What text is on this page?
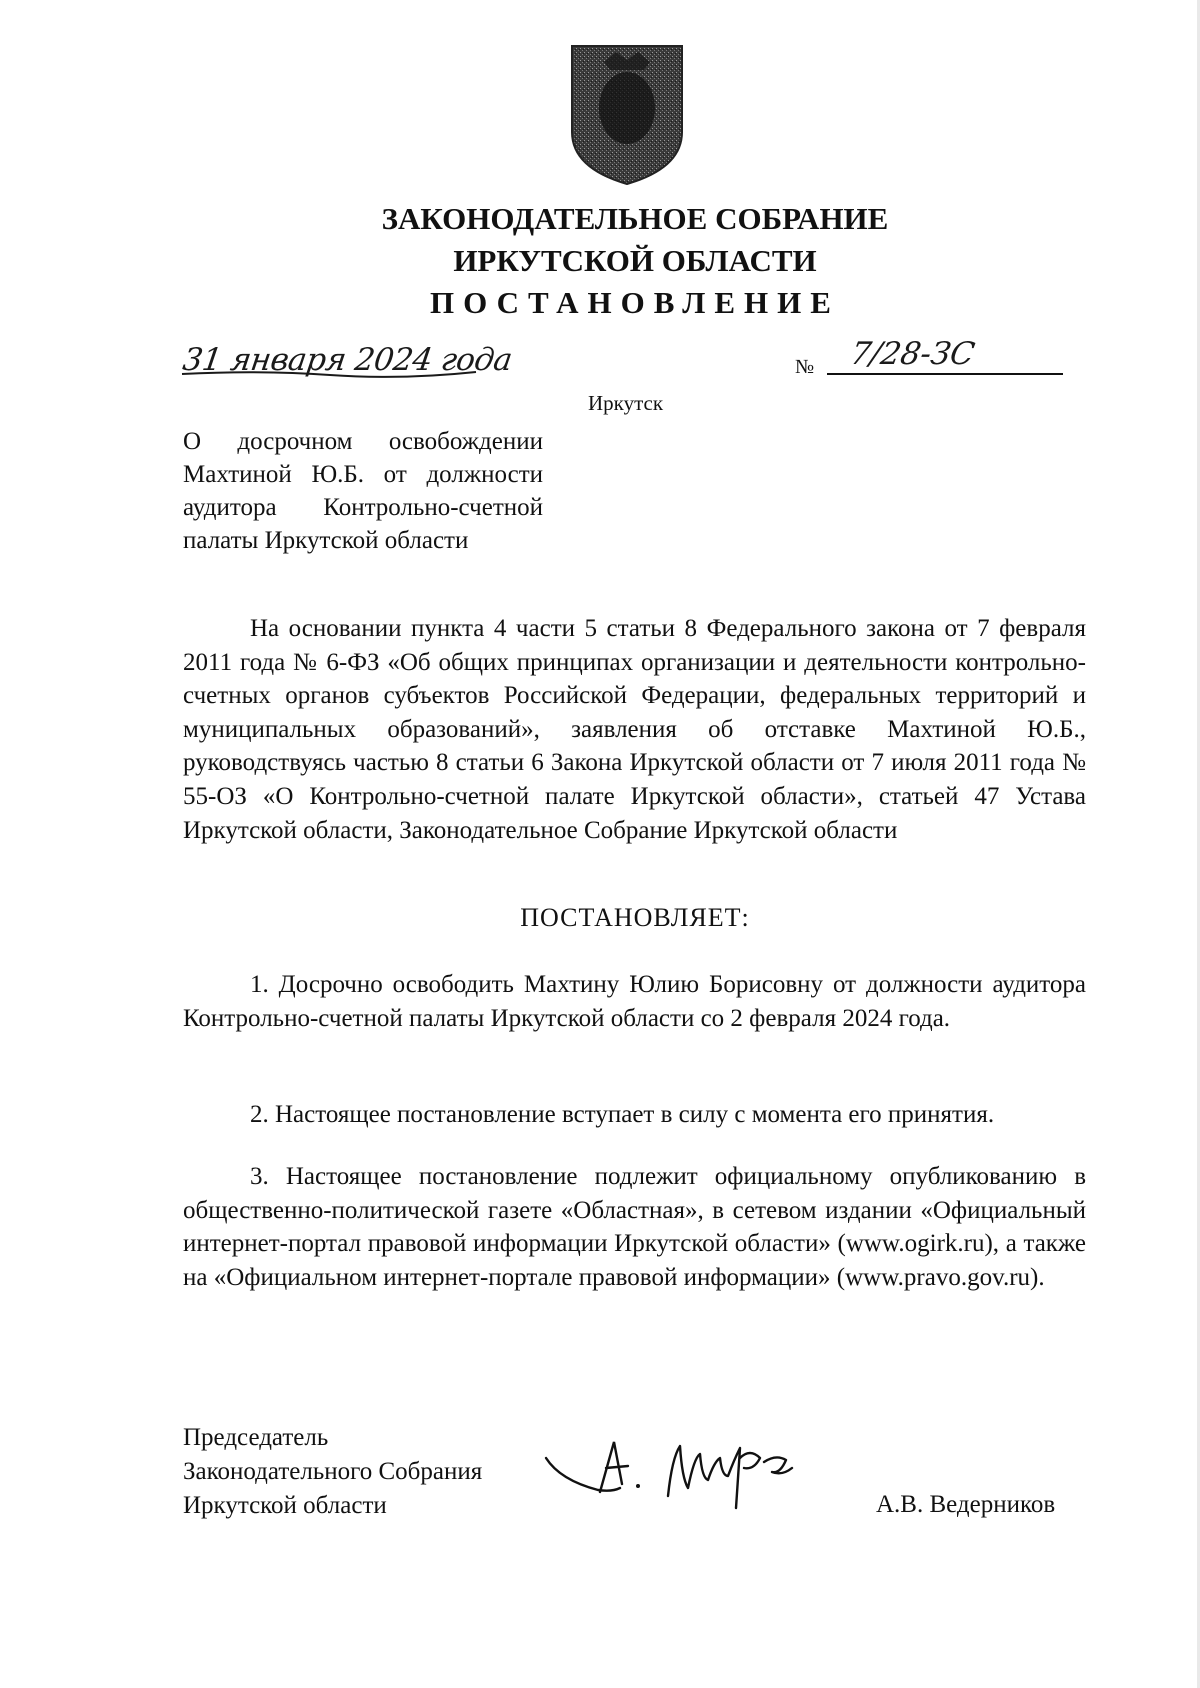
ЗАКОНОДАТЕЛЬНОЕ СОБРАНИЕ
ИРКУТСКОЙ ОБЛАСТИ
ПОСТАНОВЛЕНИЕ
31 января 2024 года	№ 7/28-ЗС
Иркутск
О досрочном освобождении Махтиной Ю.Б. от должности аудитора Контрольно-счетной палаты Иркутской области
На основании пункта 4 части 5 статьи 8 Федерального закона от 7 февраля 2011 года № 6-ФЗ «Об общих принципах организации и деятельности контрольно-счетных органов субъектов Российской Федерации, федеральных территорий и муниципальных образований», заявления об отставке Махтиной Ю.Б., руководствуясь частью 8 статьи 6 Закона Иркутской области от 7 июля 2011 года № 55-ОЗ «О Контрольно-счетной палате Иркутской области», статьей 47 Устава Иркутской области, Законодательное Собрание Иркутской области
ПОСТАНОВЛЯЕТ:
1. Досрочно освободить Махтину Юлию Борисовну от должности аудитора Контрольно-счетной палаты Иркутской области со 2 февраля 2024 года.
2. Настоящее постановление вступает в силу с момента его принятия.
3. Настоящее постановление подлежит официальному опубликованию в общественно-политической газете «Областная», в сетевом издании «Официальный интернет-портал правовой информации Иркутской области» (www.ogirk.ru), а также на «Официальном интернет-портале правовой информации» (www.pravo.gov.ru).
Председатель
Законодательного Собрания
Иркутской области	А.В. Ведерников
